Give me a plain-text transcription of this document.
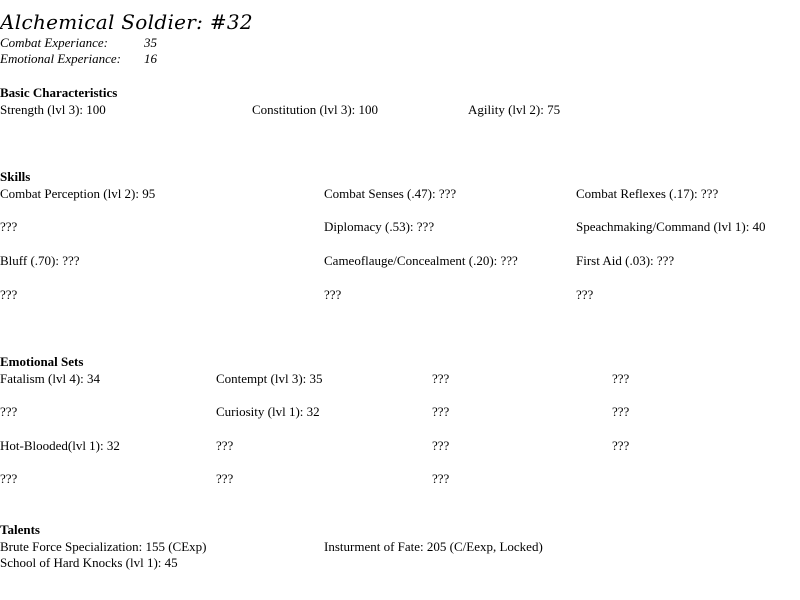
Alchemical Soldier: #32
Combat Experiance:	35
Emotional Experiance: 16
Basic Characteristics
Strength (lvl 3): 100	Constitution (lvl 3): 100	Agility (lvl 2): 75
Skills
Combat Perception (lvl 2): 95	Combat Senses (.47): ???	Combat Reflexes (.17): ???
???	Diplomacy (.53): ???	Speachmaking/Command (lvl 1): 40
Bluff (.70): ???	Cameoflauge/Concealment (.20): ???	First Aid (.03): ???
???	???	???
Emotional Sets
Fatalism (lvl 4): 34	Contempt (lvl 3): 35	???	???
???	Curiosity (lvl 1): 32	???	???
Hot-Blooded(lvl 1): 32	???	???	???
???	???	???
Talents
Brute Force Specialization: 155 (CExp)	Insturment of Fate: 205 (C/Eexp, Locked)
School of Hard Knocks (lvl 1): 45
